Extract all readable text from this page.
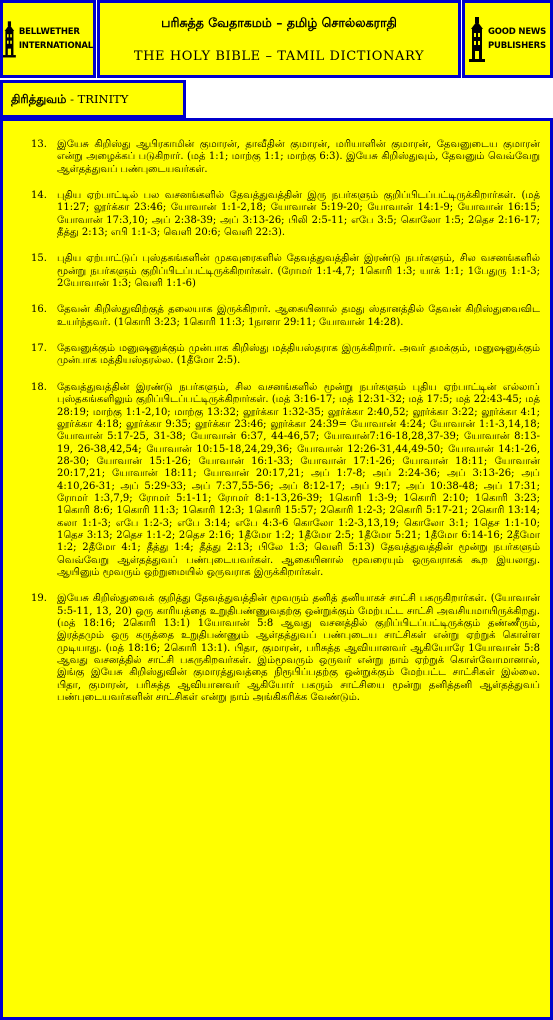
BELLWETHER
INTERNATIONAL
பரிசுத்த வேதாகமம் – தமிழ் சொல்லகராதி
THE HOLY BIBLE – TAMIL DICTIONARY
GOOD NEWS
PUBLISHERS
திரித்துவம் - TRINITY
13. இயேசு கிறிஸ்து ஆபிரகாமின் குமாரன், தாவீதின் குமாரன், மரியாளின் குமாரன், தேவனுடைய குமாரன் என்று அழைக்கப் படுகிறார். (மத் 1:1; மாற்கு 1:1; மாற்கு 6:3). இயேசு கிறிஸ்துவும், தேவனும் வெவ்வேறு ஆள்தத்துவப் பண்புடையவர்கள்.
14. புதிய ஏற்பாட்டில் பல வசனங்களில் தேவத்துவத்தின் இரு நபர்களும் குறிப்பிடப்பட்டிருக்கிறார்கள். (மத் 11:27; லூர்க்கா 23:46; யோவான் 1:1-2,18; யோவான் 5:19-20; யோவான் 14:1-9; யோவான் 16:15; யோவான் 17:3,10; அப் 2:38-39; அப் 3:13-26; பிலி 2:5-11; எபே 3:5; கொலோ 1:5; 2தெச 2:16-17; தீத்து 2:13; எபி 1:1-3; வெளி 20:6; வெளி 22:3).
15. புதிய ஏற்பாட்டுப் புஸ்தகங்களின் முகவுரைகளில் தேவத்துவத்தின் இரண்டு நபர்களும், சில வசனங்களில் மூன்று நபர்களும் குறிப்பிடப்பட்டிருக்கிறார்கள். (ரோமர் 1:1-4,7; 1கொரி 1:3; யாக் 1:1; 1பேதுரு 1:1-3; 2யோவான் 1:3; வெளி 1:1-6)
16. தேவன் கிறிஸ்துவிற்குத் தலையாக இருக்கிறார். ஆகையினால் தமது ஸ்தானத்தில் தேவன் கிறிஸ்துவைவிட உயர்ந்தவர். (1கொரி 3:23; 1கொரி 11:3; 1நாளா 29:11; யோவான் 14:28).
17. தேவனுக்கும் மனுஷனுக்கும் முன்பாக கிறிஸ்து மத்தியஸ்தராக இருக்கிறார். அவர் தமக்கும், மனுஷனுக்கும் முன்பாக மத்தியஸ்தரல்ல. (1தீமோ 2:5).
18. தேவத்துவத்தின் இரண்டு நபர்களும், சில வசனங்களில் மூன்று நபர்களும் புதிய ஏற்பாட்டின் எல்லாப் புஸ்தகங்களிலும் குறிப்பிடப்பட்டிருக்கிறார்கள். (மத் 3:16-17; மத் 12:31-32; மத் 17:5; மத் 22:43-45; மத் 28:19; மாற்கு 1:1-2,10; மாற்கு 13:32; லூர்க்கா 1:32-35; லூர்க்கா 2:40,52; லூர்க்கா 3:22; லூர்க்கா 4:1; லூர்க்கா 4:18; லூர்க்கா 9:35; லூர்க்கா 23:46; லூர்க்கா 24:39= யோவான் 4:24; யோவான் 1:1-3,14,18; யோவான் 5:17-25, 31-38; யோவான் 6:37, 44-46,57; யோவான்7:16-18,28,37-39; யோவான் 8:13-19, 26-38,42,54; யோவான் 10:15-18,24,29,36; யோவான் 12:26-31,44,49-50; யோவான் 14:1-26, 28-30; யோவான் 15:1-26; யோவான் 16:1-33; யோவான் 17:1-26; யோவான் 18:11; யோவான் 20:17,21; யோவான் 18:11; யோவான் 20:17,21; அப் 1:7-8; அப் 2:24-36; அப் 3:13-26; அப் 4:10,26-31; அப் 5:29-33; அப் 7:37,55-56; அப் 8:12-17; அப் 9:17; அப் 10:38-48; அப் 17:31; ரோமர் 1:3,7,9; ரோமர் 5:1-11; ரோமர் 8:1-13,26-39; 1கொரி 1:3-9; 1கொரி 2:10; 1கொரி 3:23; 1கொரி 8:6; 1கொரி 11:3; 1கொரி 12:3; 1கொரி 15:57; 2கொரி 1:2-3; 2கொரி 5:17-21; 2கொரி 13:14; கலா 1:1-3; எபே 1:2-3; எபே 3:14; எபே 4:3-6 கொலோ 1:2-3,13,19; கொலோ 3:1; 1தெச 1:1-10; 1தெச 3:13; 2தெச 1:1-2; 2தெச 2:16; 1தீமோ 1:2; 1தீமோ 2:5; 1தீமோ 5:21; 1தீமோ 6:14-16; 2தீமோ 1:2; 2தீமோ 4:1; தீத்து 1:4; தீத்து 2:13; பிலே 1:3; வெளி 5:13) தேவத்துவத்தின் மூன்று நபர்களும் வெவ்வேறு ஆள்தத்துவப் பண்புடையவர்கள். ஆகையினால் மூவரையும் ஒருவராகக் கூற இயலாது. ஆயினும் மூவரும் ஒற்றுமையில் ஒருவராக இருக்கிறார்கள்.
19. இயேசு கிறிஸ்துவைக் குறித்து தேவத்துவத்தின் மூவரும் தனித் தனியாகச் சாட்சி பகருகிறார்கள். (யோவான் 5:5-11, 13, 20) ஒரு காரியத்தை உறுதிபண்ணுவதற்கு ஒன்றுக்கும் மேற்பட்ட சாட்சி அவசியமாயிருக்கிறது. (மத் 18:16; 2கொரி 13:1) 1யோவான் 5:8 ஆவது வசனத்தில் குறிப்பிடப்பட்டிருக்கும் தண்ணீரும், இரத்தமும் ஒரு கருத்தை உறுதிபண்ணும் ஆள்தத்துவப் பண்புடைய சாட்சிகள் என்று ஏற்றுக் கொள்ள முடியாது. (மத் 18:16; 2கொரி 13:1). பிதா, குமாரன், பரிசுத்த ஆவியானவர் ஆகியோரே 1யோவான் 5:8 ஆவது வசனத்தில் சாட்சி பகருகிறவர்கள். இம்மூவரும் ஒருவர் என்று நாம் ஏற்றுக் கொள்வோமானால், இங்கு இயேசு கிறிஸ்துவின் குமாரத்துவத்தை நிரூபிப்பதற்கு ஒன்றுக்கும் மேற்பட்ட சாட்சிகள் இல்லை. பிதா, குமாரன், பரிசுத்த ஆவியானவர் ஆகியோர் பகரும் சாட்சியை மூன்று தனித்தனி ஆள்தத்துவப் பண்புடையவர்களின் சாட்சிகள் என்று நாம் அங்கிகரிக்க வேண்டும்.
